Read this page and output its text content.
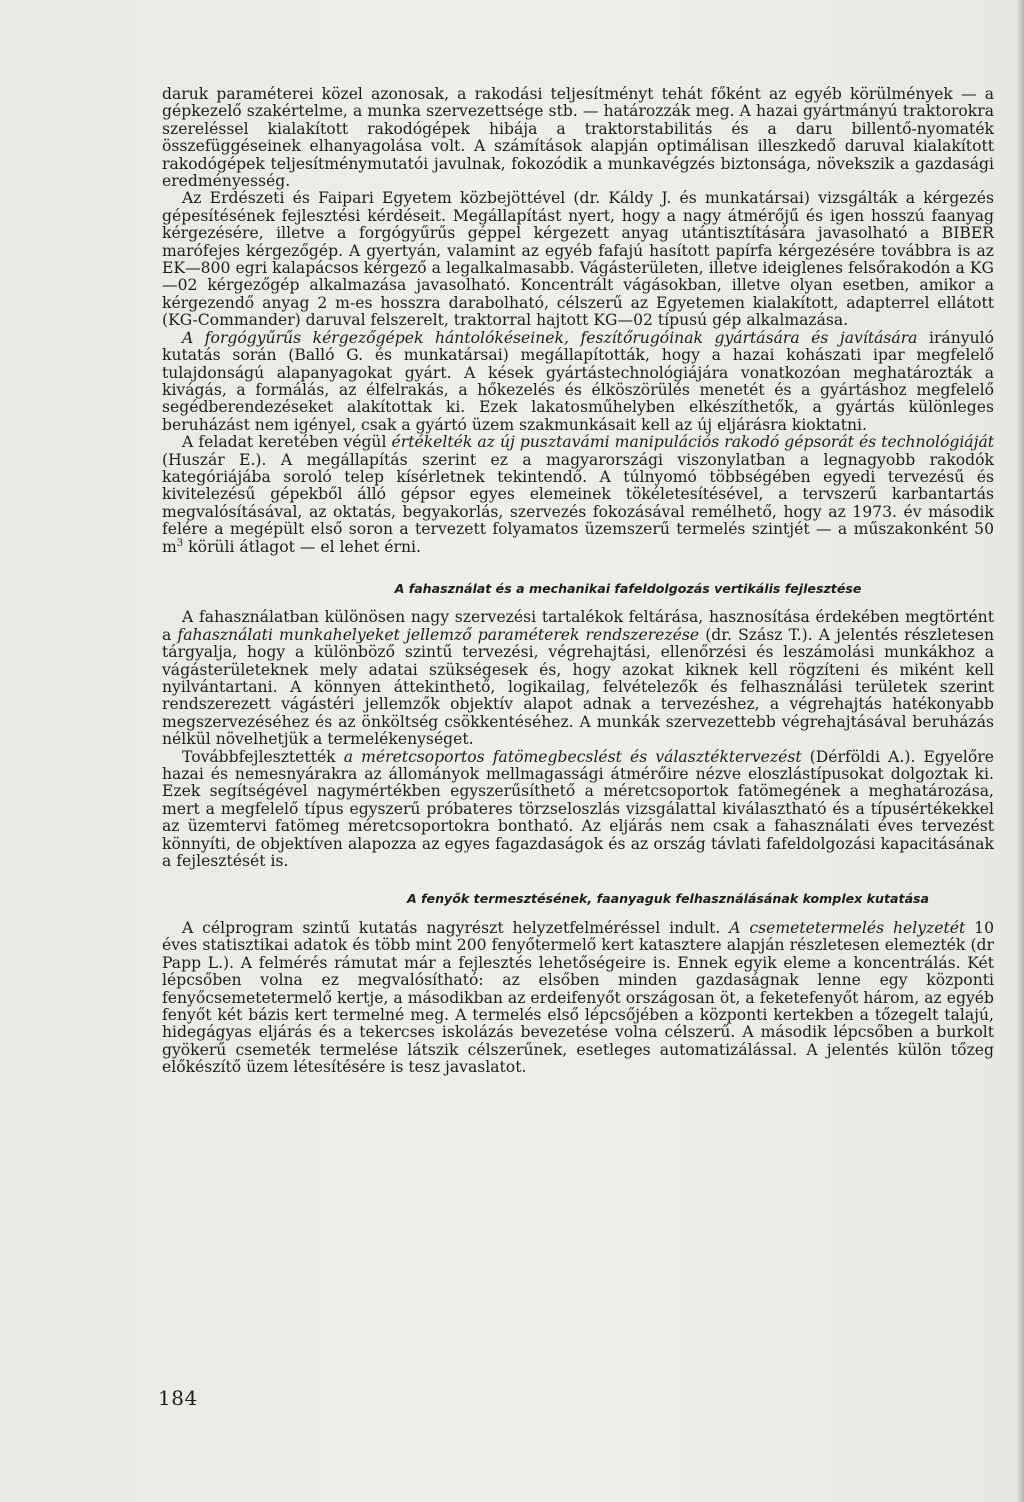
daruk paraméterei közel azonosak, a rakodási teljesítményt tehát főként az egyéb körülmények — a gépkezelő szakértelme, a munka szervezettsége stb. — határozzák meg. A hazai gyártmányú traktorokra szereléssel kialakított rakodógépek hibája a traktorstabilitás és a daru billentő-nyomaték összefüggéseinek elhanyagolása volt. A számítások alapján optimálisan illeszkedő daruval kialakított rakodógépek teljesítménymutatói javulnak, fokozódik a munkavégzés biztonsága, növekszik a gazdasági eredményesség.

Az Erdészeti és Faipari Egyetem közbejöttével (dr. Káldy J. és munkatársai) vizsgálták a kérgezés gépesítésének fejlesztési kérdéseit. Megállapítást nyert, hogy a nagy átmérőjű és igen hosszú faanyag kérgezésére, illetve a forgógyűrűs géppel kérgezett anyag utántisztítására javasolható a BIBER marófejes kérgezőgép. A gyertyán, valamint az egyéb fafajú hasított papírfa kérgezésére továbbra is az EK—800 egri kalapácsos kérgező a legalkalmasabb. Vágásterületen, illetve ideiglenes felsőrakodón a KG—02 kérgezőgép alkalmazása javasolható. Koncentrált vágásokban, illetve olyan esetben, amikor a kérgezendő anyag 2 m-es hosszra darabolható, célszerű az Egyetemen kialakított, adapterrel ellátott (KG-Commander) daruval felszerelt, traktorral hajtott KG—02 típusú gép alkalmazása.

A forgógyűrűs kérgezőgépek hántolókéseinek, feszítőrugóinak gyártására és javítására irányuló kutatás során (Balló G. és munkatársai) megállapították, hogy a hazai kohászati ipar megfelelő tulajdonságú alapanyagokat gyárt. A kések gyártástechnológiájára vonatkozóan meghatározták a kivágás, a formálás, az élfelrakás, a hőkezelés és élköszörülés menetét és a gyártáshoz megfelelő segédberendezéseket alakítottak ki. Ezek lakatosműhelyben elkészíthetők, a gyártás különleges beruházást nem igényel, csak a gyártó üzem szakmunkásait kell az új eljárásra kioktatni.

A feladat keretében végül értékelték az új pusztavámi manipulációs rakodó gépsorát és technológiáját (Huszár E.). A megállapítás szerint ez a magyarországi viszonylatban a legnagyobb rakodók kategóriájába soroló telep kísérletnek tekintendő. A túlnyomó többségében egyedi tervezésű és kivitelezésű gépekből álló gépsor egyes elemeinek tökéletesítésével, a tervszerű karbantartás megvalósításával, az oktatás, begyakorlás, szervezés fokozásával remélhető, hogy az 1973. év második felére a megépült első soron a tervezett folyamatos üzemszerű termelés szintjét — a műszakonként 50 $m^3$ körüli átlagot — el lehet érni.

A fahasználat és a mechanikai fafeldolgozás vertikális fejlesztése

A fahasználatban különösen nagy szervezési tartalékok feltárása, hasznosítása érdekében megtörtént a fahasználati munkahelyeket jellemző paraméterek rendszerezése (dr. Szász T.). A jelentés részletesen tárgyalja, hogy a különböző szintű tervezési, végrehajtási, ellenőrzési és leszámolási munkákhoz a vágásterületeknek mely adatai szükségesek és, hogy azokat kiknek kell rögzíteni és miként kell nyilvántartani. A könnyen áttekinthető, logikailag, felvételezők és felhasználási területek szerint rendszerezett vágástéri jellemzők objektív alapot adnak a tervezéshez, a végrehajtás hatékonyabb megszervezéséhez és az önköltség csökkentéséhez. A munkák szervezettebb végrehajtásával beruházás nélkül növelhetjük a termelékenységet.

Továbbfejlesztették a méretcsoportos fatömegbecslést és választéktervezést (Dérföldi A.). Egyelőre hazai és nemesnyárakra az állományok mellmagassági átmérőire nézve eloszlástípusokat dolgoztak ki. Ezek segítségével nagymértékben egyszerűsíthető a méretcsoportok fatömegének a meghatározása, mert a megfelelő típus egyszerű próbateres törzseloszlás vizsgálattal kiválasztható és a típusértékekkel az üzemtervi fatömeg méretcsoportokra bontható. Az eljárás nem csak a fahasználati éves tervezést könnyíti, de objektíven alapozza az egyes fagazdaságok és az ország távlati fafeldolgozási kapacitásának a fejlesztését is.

A fenyők termesztésének, faanyaguk felhasználásának komplex kutatása

A célprogram szintű kutatás nagyrészt helyzetfelméréssel indult. A csemetetermelés helyzetét 10 éves statisztikai adatok és több mint 200 fenyőtermelő kert katasztere alapján részletesen elemezték (dr Papp L.). A felmérés rámutat már a fejlesztés lehetőségeire is. Ennek egyik eleme a koncentrálás. Két lépcsőben volna ez megvalósítható: az elsőben minden gazdaságnak lenne egy központi fenyőcsemetetermelő kertje, a másodikban az erdeifenyőt országosan öt, a feketefenyőt három, az egyéb fenyőt két bázis kert termelné meg. A termelés első lépcsőjében a központi kertekben a tőzegelt talajú, hidegágyas eljárás és a tekercses iskolázás bevezetése volna célszerű. A második lépcsőben a burkolt gyökerű csemeték termelése látszik célszerűnek, esetleges automatizálással. A jelentés külön tőzeg előkészítő üzem létesítésére is tesz javaslatot.

184
